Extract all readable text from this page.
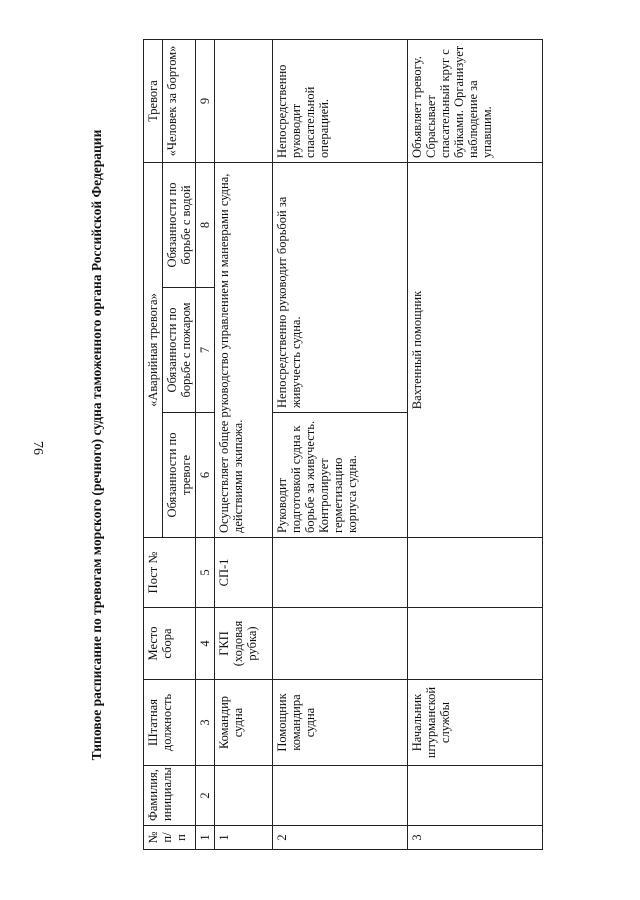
76	Типовое расписание по тревогам морского (речного) судна таможенного органа Российской Федерации
№ п/п	Фамилия, инициалы	Штатная должность	Место сбора	Пост №	«Аварийная тревога»			Тревога
					Обязанности по тревоге	Обязанности по борьбе с пожаром	Обязанности по борьбе с водой	«Человек за бортом»
1	2	3	4	5	6	7	8	9
1		Командир судна	ГКП (ходовая рубка)	СП-1	Осуществляет общее руководство управлением и маневрами судна, действиями экипажа.			
2		Помощник командира судна			Руководит подготовкой судна к борьбе за живучесть. Контролирует герметизацию корпуса судна.	Непосредственно руководит борьбой за живучесть судна.		Непосредственно руководит спасательной операцией.
3		Начальник штурманской службы			Вахтенный помощник			Объявляет тревогу. Сбрасывает спасательный круг с буйками. Организует наблюдение за упавшим.
